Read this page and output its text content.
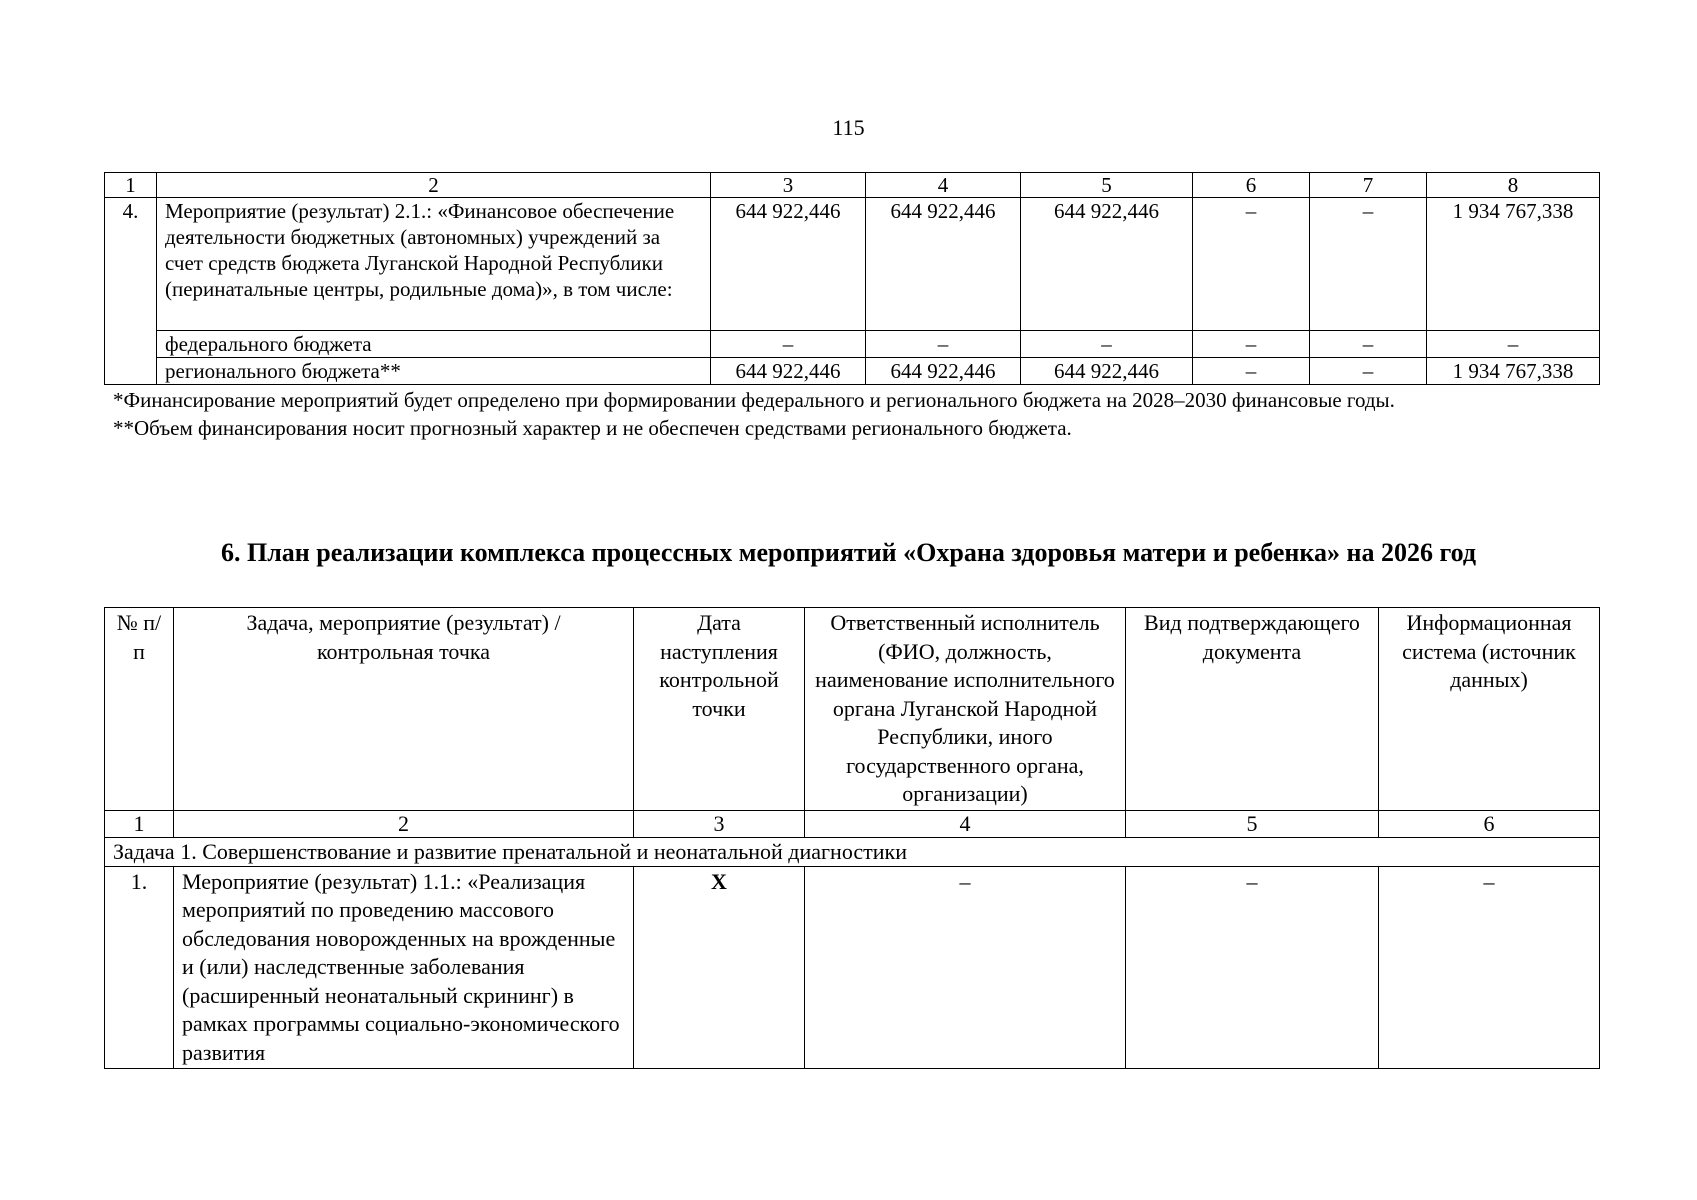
115
1	2	3	4	5	6	7	8
4.	Мероприятие (результат) 2.1.: «Финансовое обеспечение деятельности бюджетных (автономных) учреждений за счет средств бюджета Луганской Народной Республики (перинатальные центры, родильные дома)», в том числе:	644 922,446	644 922,446	644 922,446	–	–	1 934 767,338
	федерального бюджета	–	–	–	–	–	–
	регионального бюджета**	644 922,446	644 922,446	644 922,446	–	–	1 934 767,338

*Финансирование мероприятий будет определено при формировании федерального и регионального бюджета на 2028–2030 финансовые годы.

**Объем финансирования носит прогнозный характер и не обеспечен средствами регионального бюджета.

6. План реализации комплекса процессных мероприятий «Охрана здоровья матери и ребенка» на 2026 год
№ п/п	Задача, мероприятие (результат) / контрольная точка	Дата наступления контрольной точки	Ответственный исполнитель (ФИО, должность, наименование исполнительного органа Луганской Народной Республики, иного государственного органа, организации)	Вид подтверждающего документа	Информационная система (источник данных)
1	2	3	4	5	6
Задача 1. Совершенствование и развитие пренатальной и неонатальной диагностики					
1.	Мероприятие (результат) 1.1.: «Реализация мероприятий по проведению массового обследования новорожденных на врожденные и (или) наследственные заболевания (расширенный неонатальный скрининг) в рамках программы социально-экономического развития	X	–	–	–
